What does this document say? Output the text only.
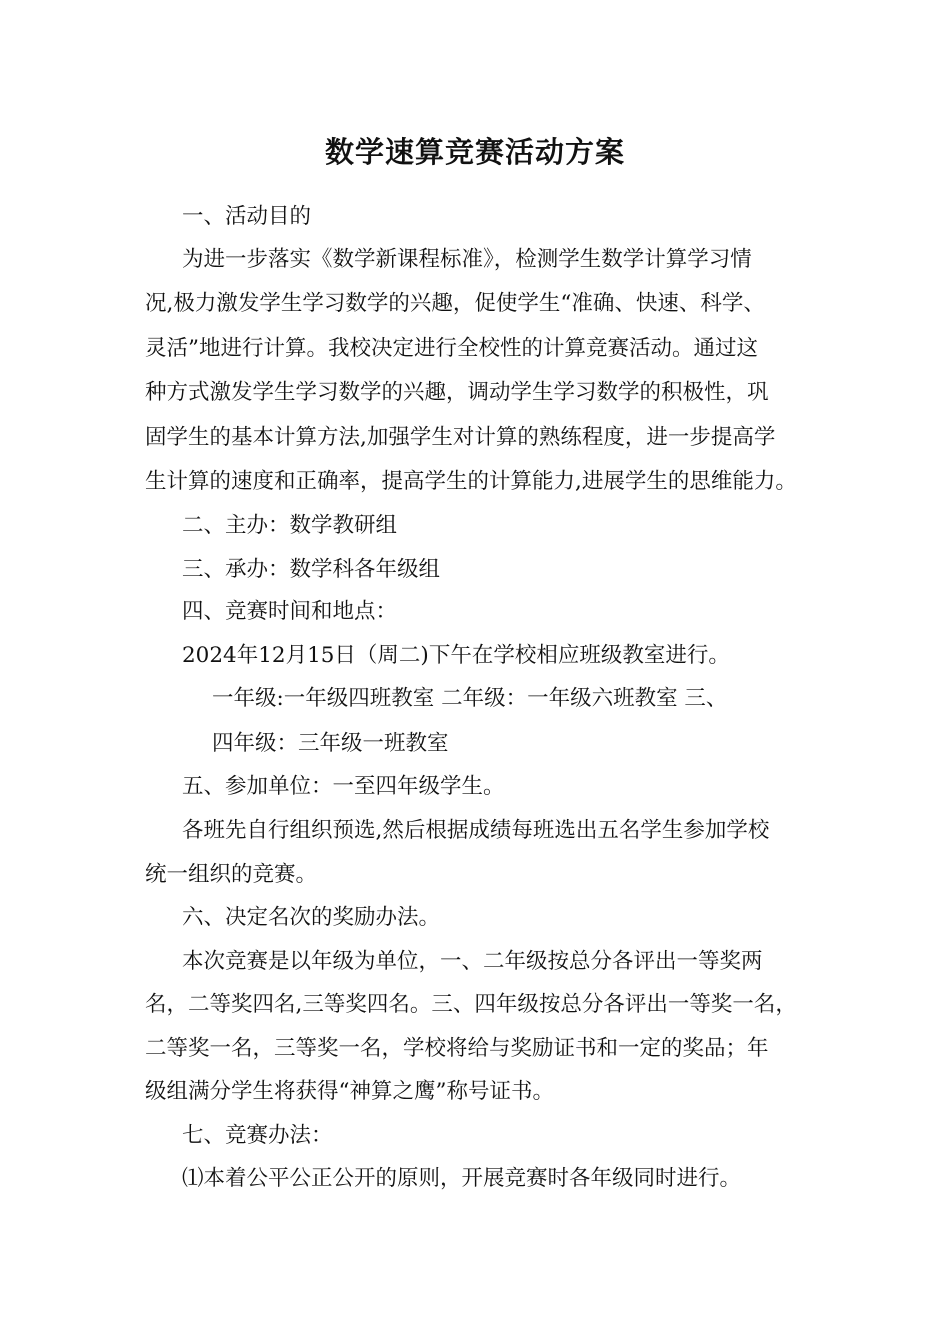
数学速算竞赛活动方案
一、活动目的
为进一步落实《数学新课程标准》，检测学生数学计算学习情
况,极力激发学生学习数学的兴趣，促使学生“准确、快速、科学、
灵活”地进行计算。我校决定进行全校性的计算竞赛活动。通过这
种方式激发学生学习数学的兴趣，调动学生学习数学的积极性，巩
固学生的基本计算方法,加强学生对计算的熟练程度，进一步提高学
生计算的速度和正确率，提高学生的计算能力,进展学生的思维能力。
二、主办：数学教研组
三、承办：数学科各年级组
四、竞赛时间和地点：
2024年12月15日（周二)下午在学校相应班级教室进行。
一年级:一年级四班教室 二年级：一年级六班教室 三、
四年级：三年级一班教室
五、参加单位：一至四年级学生。
各班先自行组织预选,然后根据成绩每班选出五名学生参加学校
统一组织的竞赛。
六、决定名次的奖励办法。
本次竞赛是以年级为单位，一、二年级按总分各评出一等奖两
名，二等奖四名,三等奖四名。三、四年级按总分各评出一等奖一名，
二等奖一名，三等奖一名，学校将给与奖励证书和一定的奖品；年
级组满分学生将获得“神算之鹰”称号证书。
七、竞赛办法：
⑴本着公平公正公开的原则，开展竞赛时各年级同时进行。
